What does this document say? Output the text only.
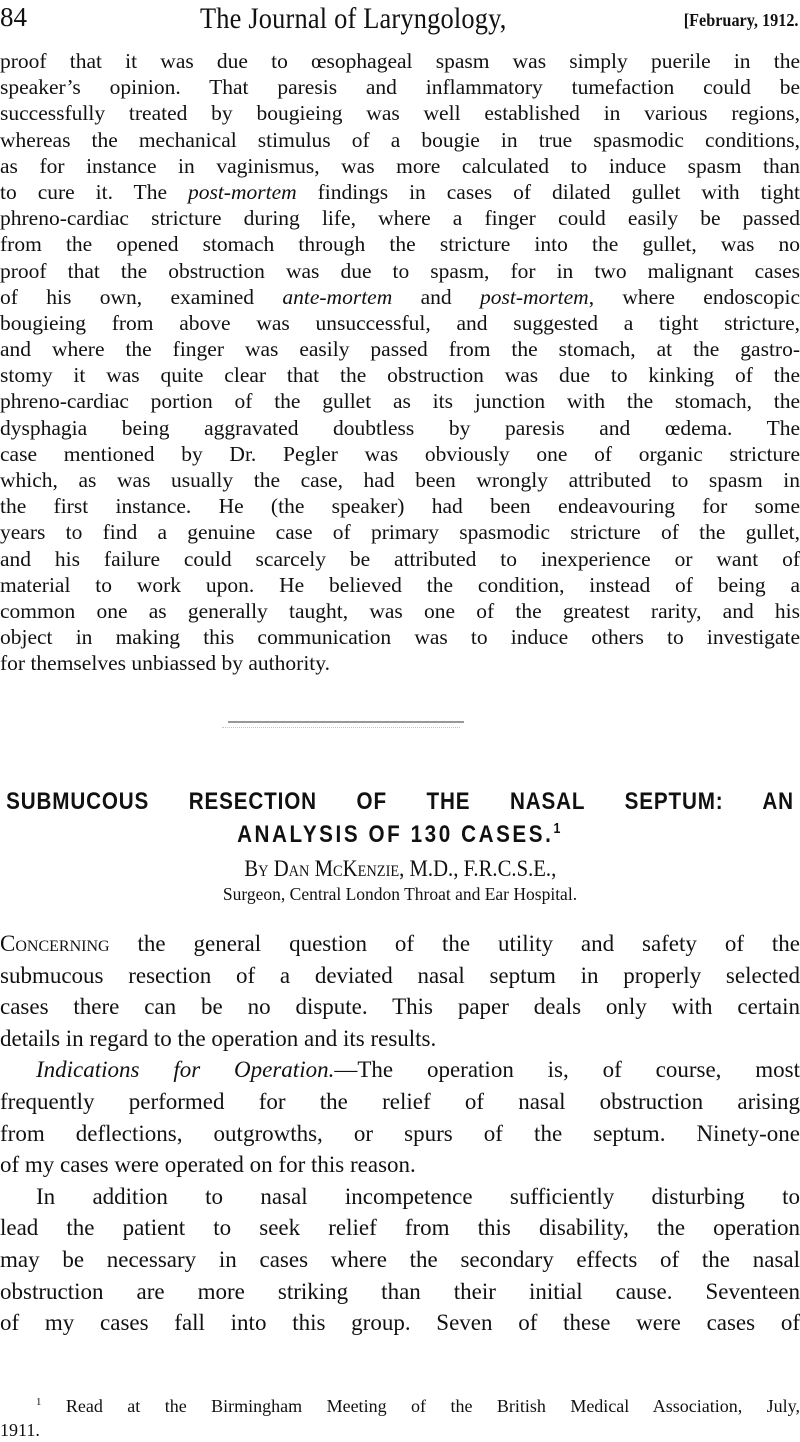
84	The Journal of Laryngology,	[February, 1912.
proof that it was due to œsophageal spasm was simply puerile in the
speaker’s opinion. That paresis and inflammatory tumefaction could be
successfully treated by bougieing was well established in various regions,
whereas the mechanical stimulus of a bougie in true spasmodic conditions,
as for instance in vaginismus, was more calculated to induce spasm than
to cure it. The post-mortem findings in cases of dilated gullet with tight
phreno-cardiac stricture during life, where a finger could easily be passed
from the opened stomach through the stricture into the gullet, was no
proof that the obstruction was due to spasm, for in two malignant cases
of his own, examined ante-mortem and post-mortem, where endoscopic
bougieing from above was unsuccessful, and suggested a tight stricture,
and where the finger was easily passed from the stomach, at the gastro-
stomy it was quite clear that the obstruction was due to kinking of the
phreno-cardiac portion of the gullet as its junction with the stomach, the
dysphagia being aggravated doubtless by paresis and œdema. The
case mentioned by Dr. Pegler was obviously one of organic stricture
which, as was usually the case, had been wrongly attributed to spasm in
the first instance. He (the speaker) had been endeavouring for some
years to find a genuine case of primary spasmodic stricture of the gullet,
and his failure could scarcely be attributed to inexperience or want of
material to work upon. He believed the condition, instead of being a
common one as generally taught, was one of the greatest rarity, and his
object in making this communication was to induce others to investigate
for themselves unbiassed by authority.
SUBMUCOUS RESECTION OF THE NASAL SEPTUM: AN
ANALYSIS OF 130 CASES.$^1$
By Dan McKenzie, M.D., F.R.C.S.E.,
Surgeon, Central London Throat and Ear Hospital.
Concerning the general question of the utility and safety of the
submucous resection of a deviated nasal septum in properly selected
cases there can be no dispute. This paper deals only with certain
details in regard to the operation and its results.
Indications for Operation.—The operation is, of course, most
frequently performed for the relief of nasal obstruction arising
from deflections, outgrowths, or spurs of the septum. Ninety-one
of my cases were operated on for this reason.
In addition to nasal incompetence sufficiently disturbing to
lead the patient to seek relief from this disability, the operation
may be necessary in cases where the secondary effects of the nasal
obstruction are more striking than their initial cause. Seventeen
of my cases fall into this group. Seven of these were cases of
$^1$ Read at the Birmingham Meeting of the British Medical Association, July,
1911.
